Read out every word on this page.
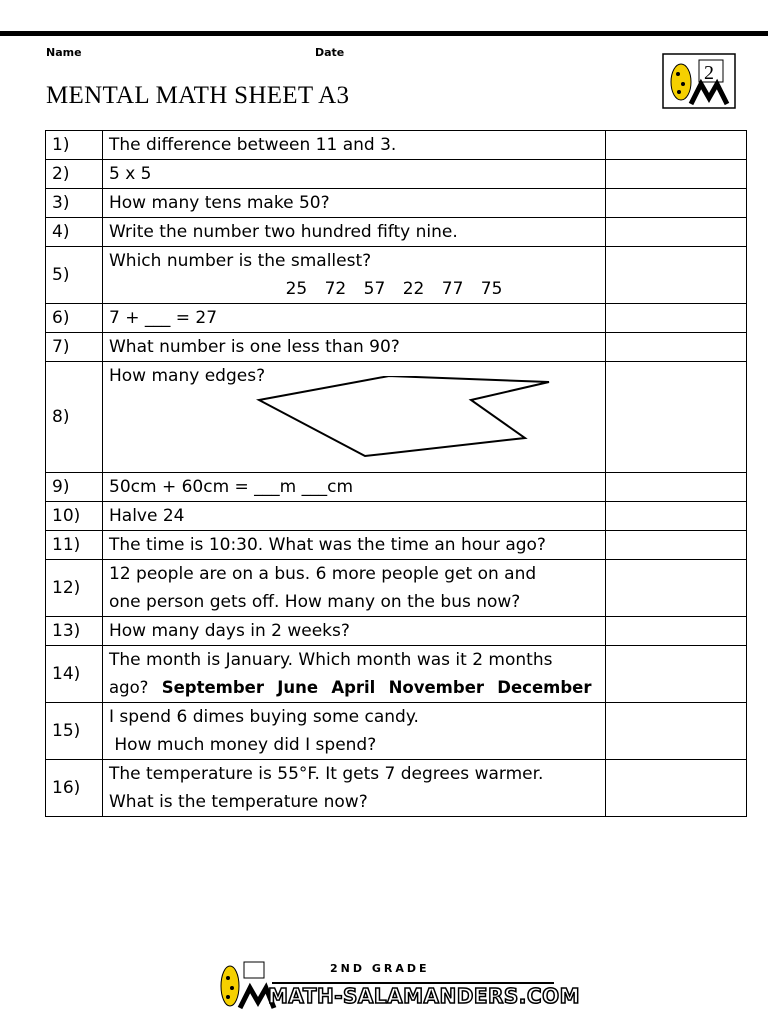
Name	Date
MENTAL MATH SHEET A3
2
1)	The difference between 11 and 3.	
2)	5 x 5	
3)	How many tens make 50?	
4)	Write the number two hundred fifty nine.	
5)	Which number is the smallest?
25 72 57 22 77 75	

6)	7 + ___ = 27	
7)	What number is one less than 90?	
8)	How many edges?	

9)	50cm + 60cm = ___m ___cm	
10)	Halve 24	
11)	The time is 10:30. What was the time an hour ago?	
12)	12 people are on a bus. 6 more people get on and
one person gets off. How many on the bus now?	

13)	How many days in 2 weeks?	
14)	The month is January. Which month was it 2 months
ago? September June April November December	

15)	I spend 6 dimes buying some candy.
How much money did I spend?	

16)	The temperature is 55°F. It gets 7 degrees warmer.
What is the temperature now?	

2ND GRADE
MATH-SALAMANDERS.COM
